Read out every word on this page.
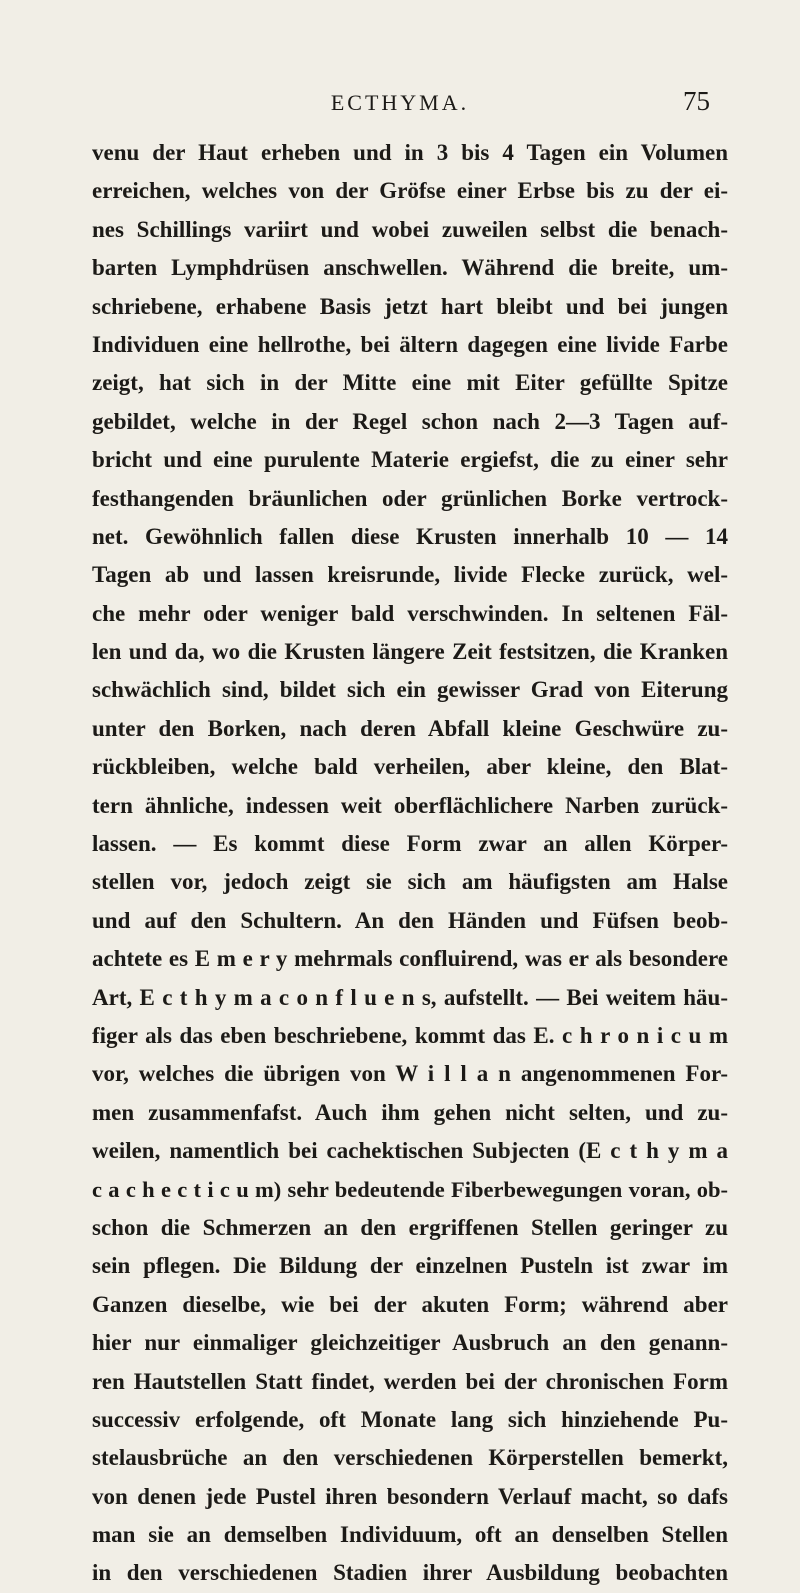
ECTHYMA.	75
venu der Haut erheben und in 3 bis 4 Tagen ein Volumen
erreichen, welches von der Gröfse einer Erbse bis zu der ei-
nes Schillings variirt und wobei zuweilen selbst die benach-
barten Lymphdrüsen anschwellen. Während die breite, um-
schriebene, erhabene Basis jetzt hart bleibt und bei jungen
Individuen eine hellrothe, bei ältern dagegen eine livide Farbe
zeigt, hat sich in der Mitte eine mit Eiter gefüllte Spitze
gebildet, welche in der Regel schon nach 2—3 Tagen auf-
bricht und eine purulente Materie ergiefst, die zu einer sehr
festhangenden bräunlichen oder grünlichen Borke vertrock-
net. Gewöhnlich fallen diese Krusten innerhalb 10 — 14
Tagen ab und lassen kreisrunde, livide Flecke zurück, wel-
che mehr oder weniger bald verschwinden. In seltenen Fäl-
len und da, wo die Krusten längere Zeit festsitzen, die Kranken
schwächlich sind, bildet sich ein gewisser Grad von Eiterung
unter den Borken, nach deren Abfall kleine Geschwüre zu-
rückbleiben, welche bald verheilen, aber kleine, den Blat-
tern ähnliche, indessen weit oberflächlichere Narben zurück-
lassen. — Es kommt diese Form zwar an allen Körper-
stellen vor, jedoch zeigt sie sich am häufigsten am Halse
und auf den Schultern. An den Händen und Füfsen beob-
achtete es E m e r y mehrmals confluirend, was er als besondere
Art, E c t h y m a c o n f l u e n s, aufstellt. — Bei weitem häu-
figer als das eben beschriebene, kommt das E. c h r o n i c u m
vor, welches die übrigen von W i l l a n angenommenen For-
men zusammenfafst. Auch ihm gehen nicht selten, und zu-
weilen, namentlich bei cachektischen Subjecten (E c t h y m a
c a c h e c t i c u m) sehr bedeutende Fiberbewegungen voran, ob-
schon die Schmerzen an den ergriffenen Stellen geringer zu
sein pflegen. Die Bildung der einzelnen Pusteln ist zwar im
Ganzen dieselbe, wie bei der akuten Form; während aber
hier nur einmaliger gleichzeitiger Ausbruch an den genann-
ren Hautstellen Statt findet, werden bei der chronischen Form
successiv erfolgende, oft Monate lang sich hinziehende Pu-
stelausbrüche an den verschiedenen Körperstellen bemerkt,
von denen jede Pustel ihren besondern Verlauf macht, so dafs
man sie an demselben Individuum, oft an denselben Stellen
in den verschiedenen Stadien ihrer Ausbildung beobachten
